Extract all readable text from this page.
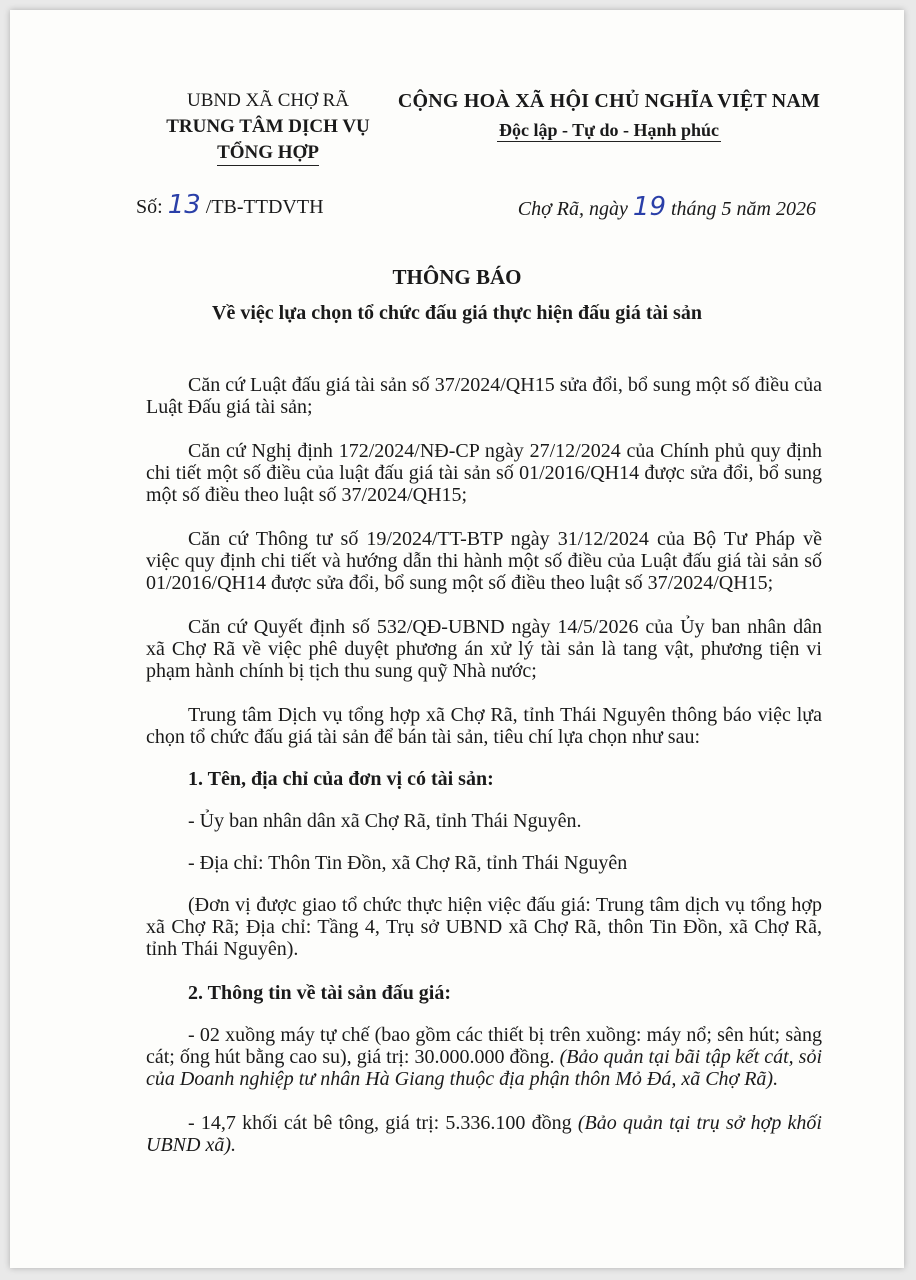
UBND XÃ CHỢ RÃ
TRUNG TÂM DỊCH VỤ
TỔNG HỢP
CỘNG HOÀ XÃ HỘI CHỦ NGHĨA VIỆT NAM
Độc lập - Tự do - Hạnh phúc
Số: 13 /TB-TTDVTH	Chợ Rã, ngày 19 tháng 5 năm 2026
THÔNG BÁO
Về việc lựa chọn tổ chức đấu giá thực hiện đấu giá tài sản

Căn cứ Luật đấu giá tài sản số 37/2024/QH15 sửa đổi, bổ sung một số điều của Luật Đấu giá tài sản;

Căn cứ Nghị định 172/2024/NĐ-CP ngày 27/12/2024 của Chính phủ quy định chi tiết một số điều của luật đấu giá tài sản số 01/2016/QH14 được sửa đổi, bổ sung một số điều theo luật số 37/2024/QH15;

Căn cứ Thông tư số 19/2024/TT-BTP ngày 31/12/2024 của Bộ Tư Pháp về việc quy định chi tiết và hướng dẫn thi hành một số điều của Luật đấu giá tài sản số 01/2016/QH14 được sửa đổi, bổ sung một số điều theo luật số 37/2024/QH15;

Căn cứ Quyết định số 532/QĐ-UBND ngày 14/5/2026 của Ủy ban nhân dân xã Chợ Rã về việc phê duyệt phương án xử lý tài sản là tang vật, phương tiện vi phạm hành chính bị tịch thu sung quỹ Nhà nước;

Trung tâm Dịch vụ tổng hợp xã Chợ Rã, tỉnh Thái Nguyên thông báo việc lựa chọn tổ chức đấu giá tài sản để bán tài sản, tiêu chí lựa chọn như sau:

1. Tên, địa chỉ của đơn vị có tài sản:

- Ủy ban nhân dân xã Chợ Rã, tỉnh Thái Nguyên.

- Địa chỉ: Thôn Tin Đồn, xã Chợ Rã, tỉnh Thái Nguyên

(Đơn vị được giao tổ chức thực hiện việc đấu giá: Trung tâm dịch vụ tổng hợp xã Chợ Rã; Địa chỉ: Tầng 4, Trụ sở UBND xã Chợ Rã, thôn Tin Đồn, xã Chợ Rã, tỉnh Thái Nguyên).

2. Thông tin về tài sản đấu giá:

- 02 xuồng máy tự chế (bao gồm các thiết bị trên xuồng: máy nổ; sên hút; sàng cát; ống hút bằng cao su), giá trị: 30.000.000 đồng. (Bảo quản tại bãi tập kết cát, sỏi của Doanh nghiệp tư nhân Hà Giang thuộc địa phận thôn Mỏ Đá, xã Chợ Rã).

- 14,7 khối cát bê tông, giá trị: 5.336.100 đồng (Bảo quản tại trụ sở hợp khối UBND xã).
